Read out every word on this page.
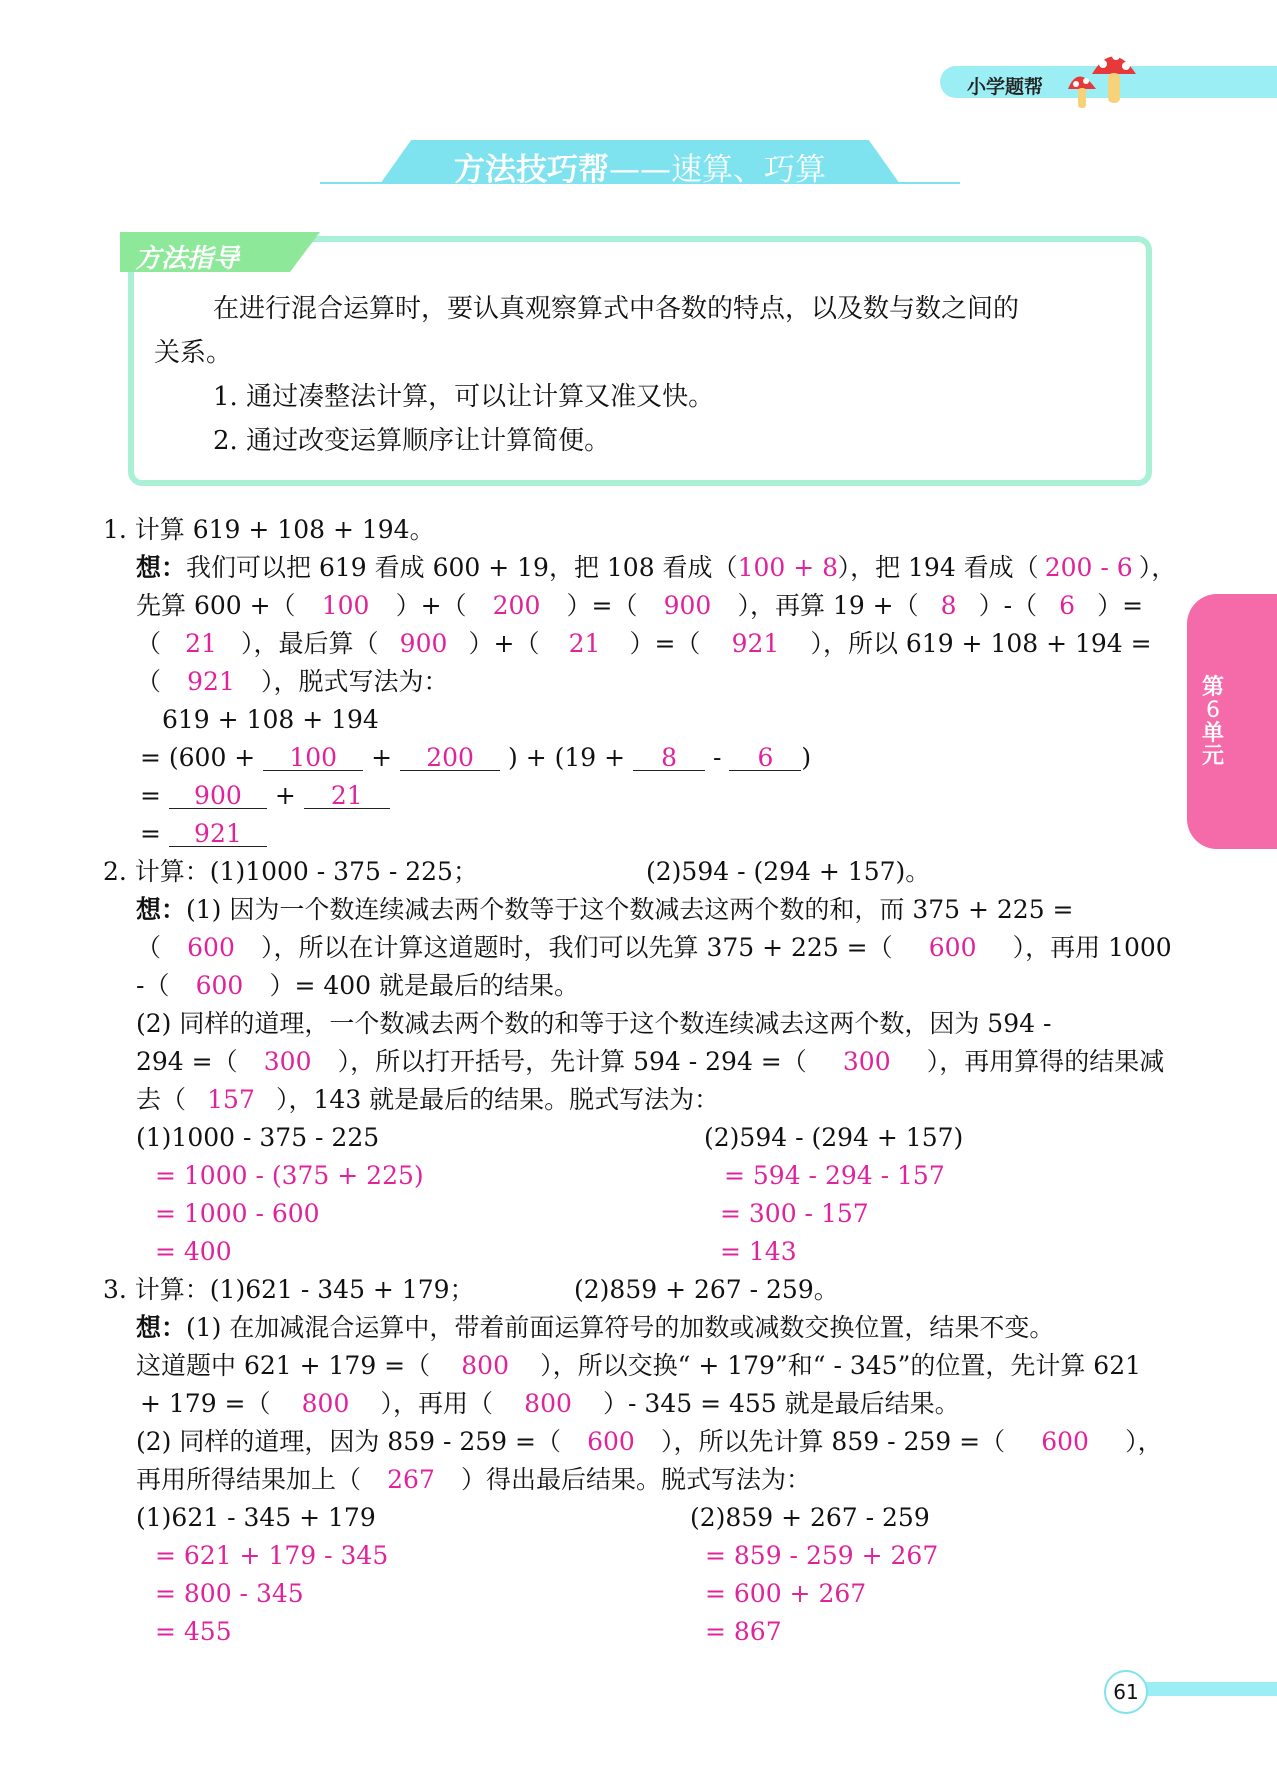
小学题帮
方法技巧帮——速算、巧算
方法指导
在进行混合运算时，要认真观察算式中各数的特点，以及数与数之间的
关系。
1. 通过凑整法计算，可以让计算又准又快。
2. 通过改变运算顺序让计算简便。
第
6
单
元
1. 计算 619 + 108 + 194。
想：我们可以把 619 看成 600 + 19，把 108 看成（100 + 8），把 194 看成（ 200 - 6 ），
先算 600 +（ 100 ）+（ 200 ）=（ 900 ），再算 19 +（ 8 ）-（ 6 ）=
（ 21 ），最后算（ 900 ）+（ 21 ）=（ 921 ），所以 619 + 108 + 194 =
（ 921 ），脱式写法为：
619 + 108 + 194
= (600 + 100 + 200 ) + (19 + 8 - 6 )
= 900 + 21
= 921
2. 计算：(1)1000 - 375 - 225；	(2)594 - (294 + 157)。
想：(1) 因为一个数连续减去两个数等于这个数减去这两个数的和，而 375 + 225 =
（ 600 ），所以在计算这道题时，我们可以先算 375 + 225 =（ 600 ），再用 1000
-（ 600 ）= 400 就是最后的结果。
(2) 同样的道理，一个数减去两个数的和等于这个数连续减去这两个数，因为 594 -
294 =（ 300 ），所以打开括号，先计算 594 - 294 =（ 300 ），再用算得的结果减
去（ 157 ），143 就是最后的结果。脱式写法为：
(1)1000 - 375 - 225
= 1000 - (375 + 225)
= 1000 - 600
= 400
(2)594 - (294 + 157)
= 594 - 294 - 157
= 300 - 157
= 143
3. 计算：(1)621 - 345 + 179；	(2)859 + 267 - 259。
想：(1) 在加减混合运算中，带着前面运算符号的加数或减数交换位置，结果不变。
这道题中 621 + 179 =（ 800 ），所以交换“ + 179”和“ - 345”的位置，先计算 621
+ 179 =（ 800 ），再用（ 800 ）- 345 = 455 就是最后结果。
(2) 同样的道理，因为 859 - 259 =（ 600 ），所以先计算 859 - 259 =（ 600 ），
再用所得结果加上（ 267 ）得出最后结果。脱式写法为：
(1)621 - 345 + 179
= 621 + 179 - 345
= 800 - 345
= 455
(2)859 + 267 - 259
= 859 - 259 + 267
= 600 + 267
= 867
61
